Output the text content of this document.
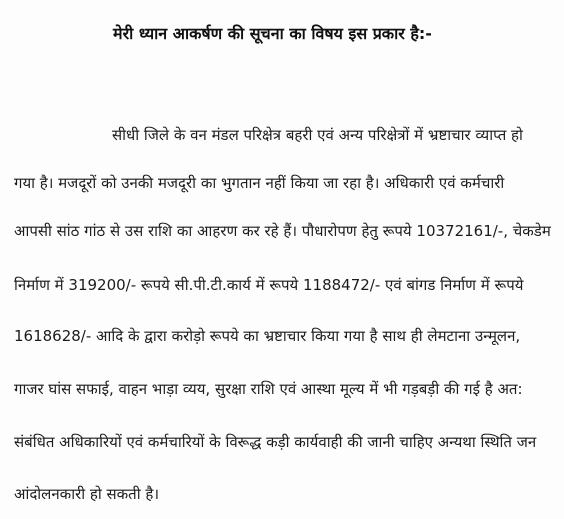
मेरी ध्यान आकर्षण की सूचना का विषय इस प्रकार है:-
सीधी जिले के वन मंडल परिक्षेत्र बहरी एवं अन्य परिक्षेत्रों में भ्रष्टाचार व्याप्त हो
गया है। मजदूरों को उनकी मजदूरी का भुगतान नहीं किया जा रहा है। अधिकारी एवं कर्मचारी
आपसी सांठ गांठ से उस राशि का आहरण कर रहे हैं। पौधारोपण हेतु रूपये 10372161/-, चेकडेम
निर्माण में 319200/- रूपये सी.पी.टी.कार्य में रूपये 1188472/- एवं बांगड निर्माण में रूपये
1618628/- आदि के द्वारा करोड़ो रूपये का भ्रष्टाचार किया गया है साथ ही लेमटाना उन्मूलन,
गाजर घांस सफाई, वाहन भाड़ा व्यय, सुरक्षा राशि एवं आस्था मूल्य में भी गड़बड़ी की गई है अत:
संबंधित अधिकारियों एवं कर्मचारियों के विरूद्ध कड़ी कार्यवाही की जानी चाहिए अन्यथा स्थिति जन
आंदोलनकारी हो सकती है।
